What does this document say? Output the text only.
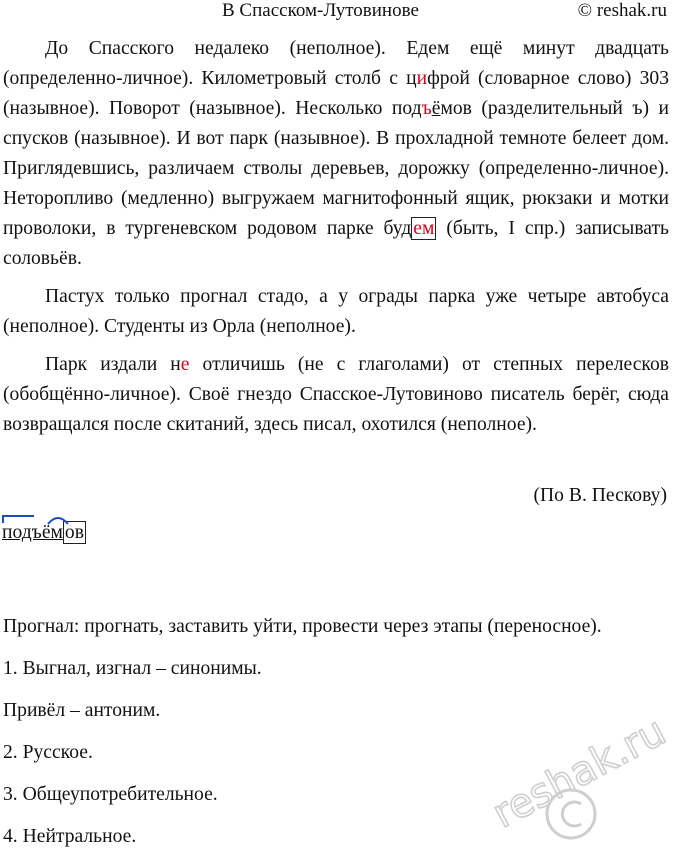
В Спасском-Лутовинове	© reshak.ru

До Спасского недалеко (неполное). Едем ещё минут двадцать (определенно-личное). Километровый столб с цифрой (словарное слово) 303 (назывное). Поворот (назывное). Несколько подъёмов (разделительный ъ) и спусков (назывное). И вот парк (назывное). В прохладной темноте белеет дом. Приглядевшись, различаем стволы деревьев, дорожку (определенно-личное). Неторопливо (медленно) выгружаем магнитофонный ящик, рюкзаки и мотки проволоки, в тургеневском родовом парке буд ем (быть, I спр.) записывать соловьёв.

Пастух только прогнал стадо, а у ограды парка уже четыре автобуса (неполное). Студенты из Орла (неполное).

Парк издали не отличишь (не с глаголами) от степных перелесков (обобщённо-личное). Своё гнездо Спасское-Лутовиново писатель берёг, сюда возвращался после скитаний, здесь писал, охотился (неполное).

(По В. Пескову)
подъём ов
Прогнал: прогнать, заставить уйти, провести через этапы (переносное).
1. Выгнал, изгнал – синонимы.
Привёл – антоним.
2. Русское.
3. Общеупотребительное.
4. Нейтральное.	reshak.ru
